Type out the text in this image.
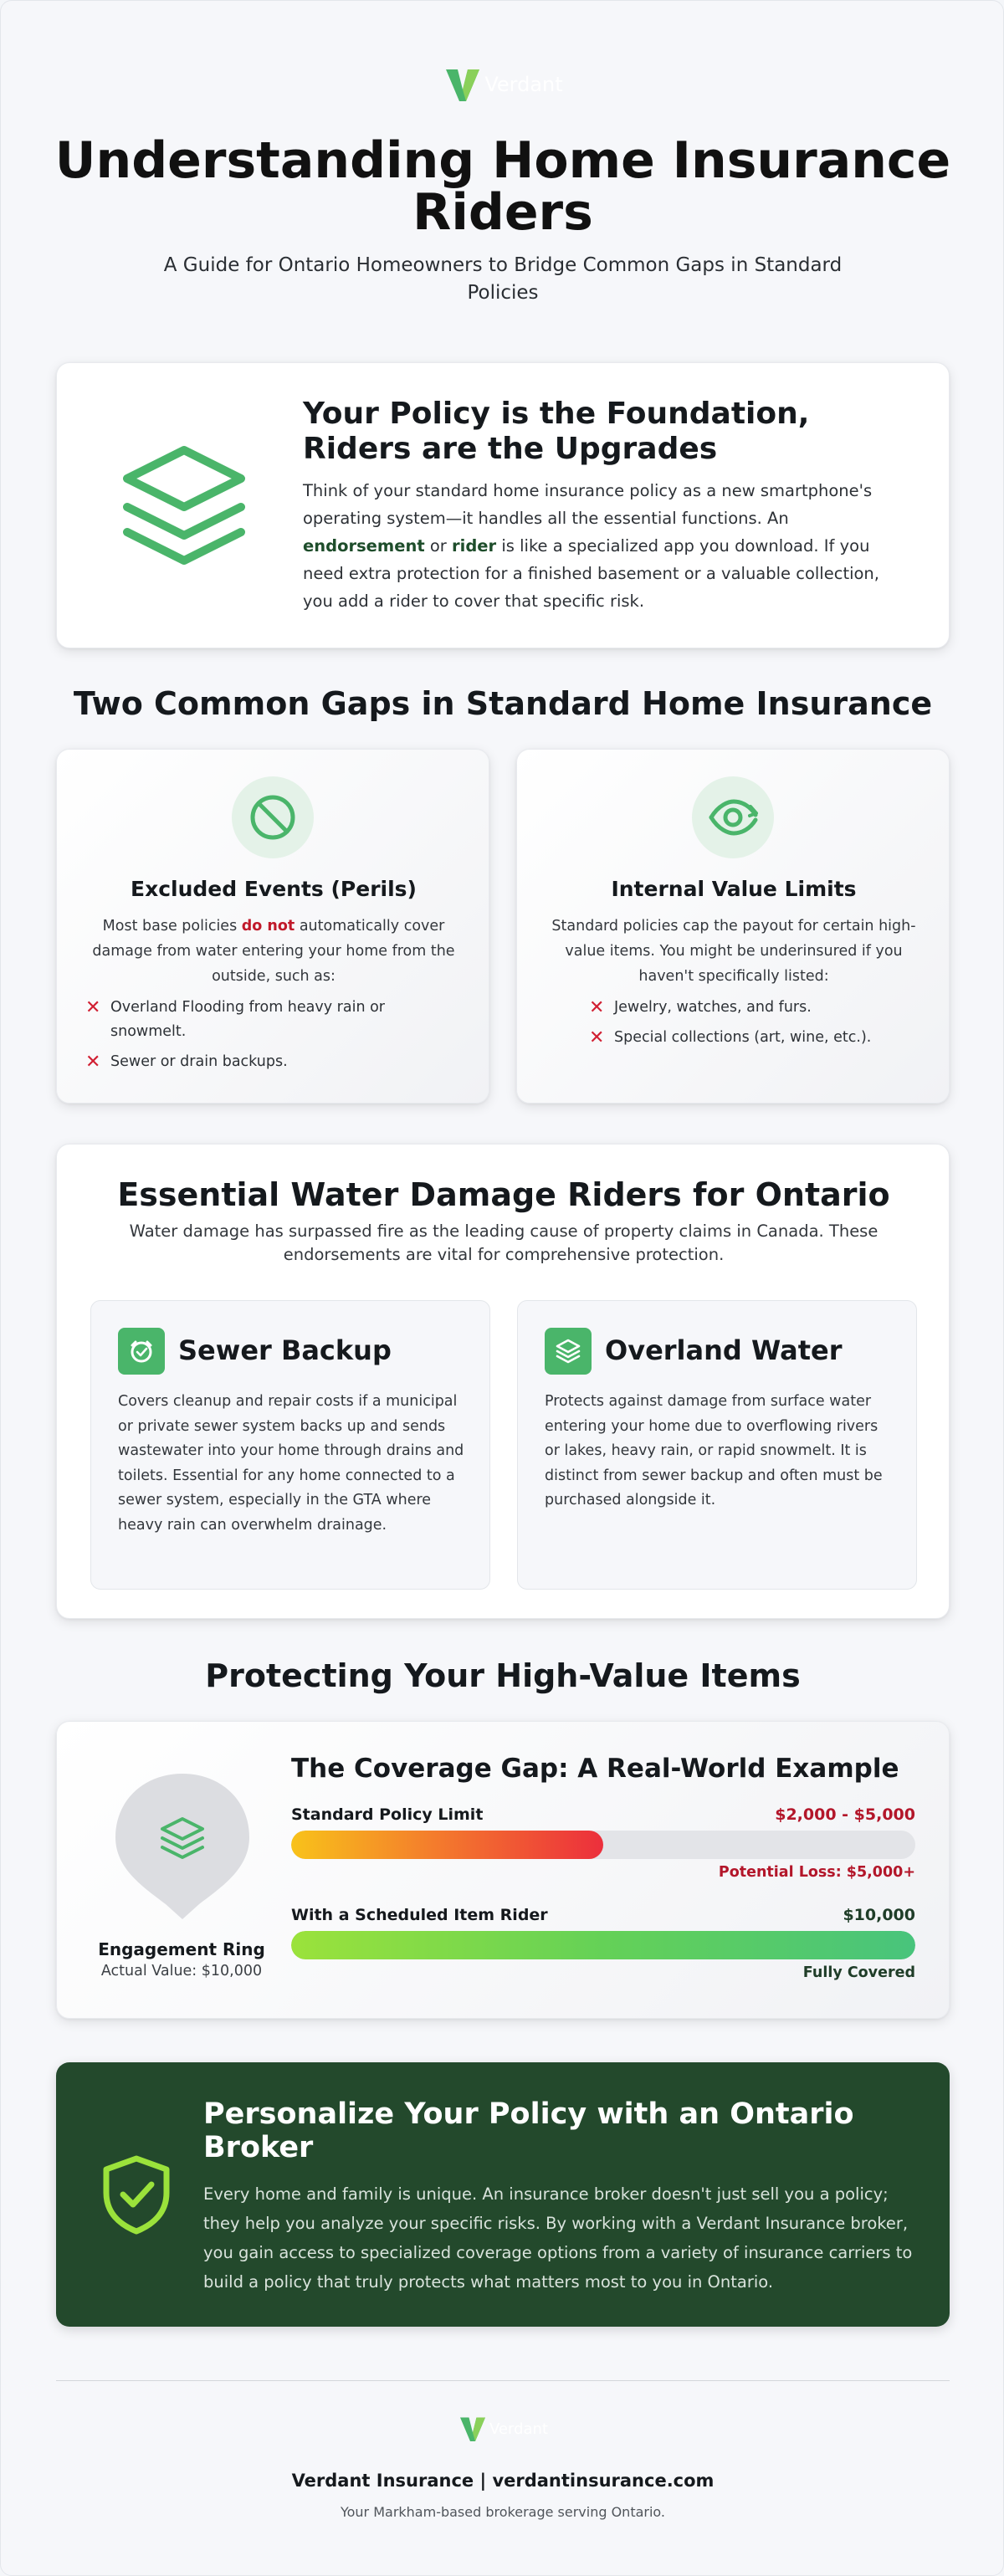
Verdant
Understanding Home Insurance Riders

A Guide for Ontario Homeowners to Bridge Common Gaps in Standard Policies

Your Policy is the Foundation, Riders are the Upgrades

Think of your standard home insurance policy as a new smartphone's operating system—it handles all the essential functions. An endorsement or rider is like a specialized app you download. If you need extra protection for a finished basement or a valuable collection, you add a rider to cover that specific risk.

Two Common Gaps in Standard Home Insurance
Excluded Events (Perils)

Most base policies do not automatically cover damage from water entering your home from the outside, such as:

✕ Overland Flooding from heavy rain or snowmelt.
✕ Sewer or drain backups.
Internal Value Limits

Standard policies cap the payout for certain high-value items. You might be underinsured if you haven't specifically listed:

✕ Jewelry, watches, and furs.
✕ Special collections (art, wine, etc.).
Essential Water Damage Riders for Ontario

Water damage has surpassed fire as the leading cause of property claims in Canada. These endorsements are vital for comprehensive protection.

Sewer Backup

Covers cleanup and repair costs if a municipal or private sewer system backs up and sends wastewater into your home through drains and toilets. Essential for any home connected to a sewer system, especially in the GTA where heavy rain can overwhelm drainage.

Overland Water

Protects against damage from surface water entering your home due to overflowing rivers or lakes, heavy rain, or rapid snowmelt. It is distinct from sewer backup and often must be purchased alongside it.

Protecting Your High-Value Items
Engagement Ring
Actual Value: $10,000
The Coverage Gap: A Real-World Example
Standard Policy Limit	$2,000 - $5,000
Potential Loss: $5,000+
With a Scheduled Item Rider	$10,000
Fully Covered
Personalize Your Policy with an Ontario Broker

Every home and family is unique. An insurance broker doesn't just sell you a policy; they help you analyze your specific risks. By working with a Verdant Insurance broker, you gain access to specialized coverage options from a variety of insurance carriers to build a policy that truly protects what matters most to you in Ontario.

Verdant
Verdant Insurance | verdantinsurance.com
Your Markham-based brokerage serving Ontario.
